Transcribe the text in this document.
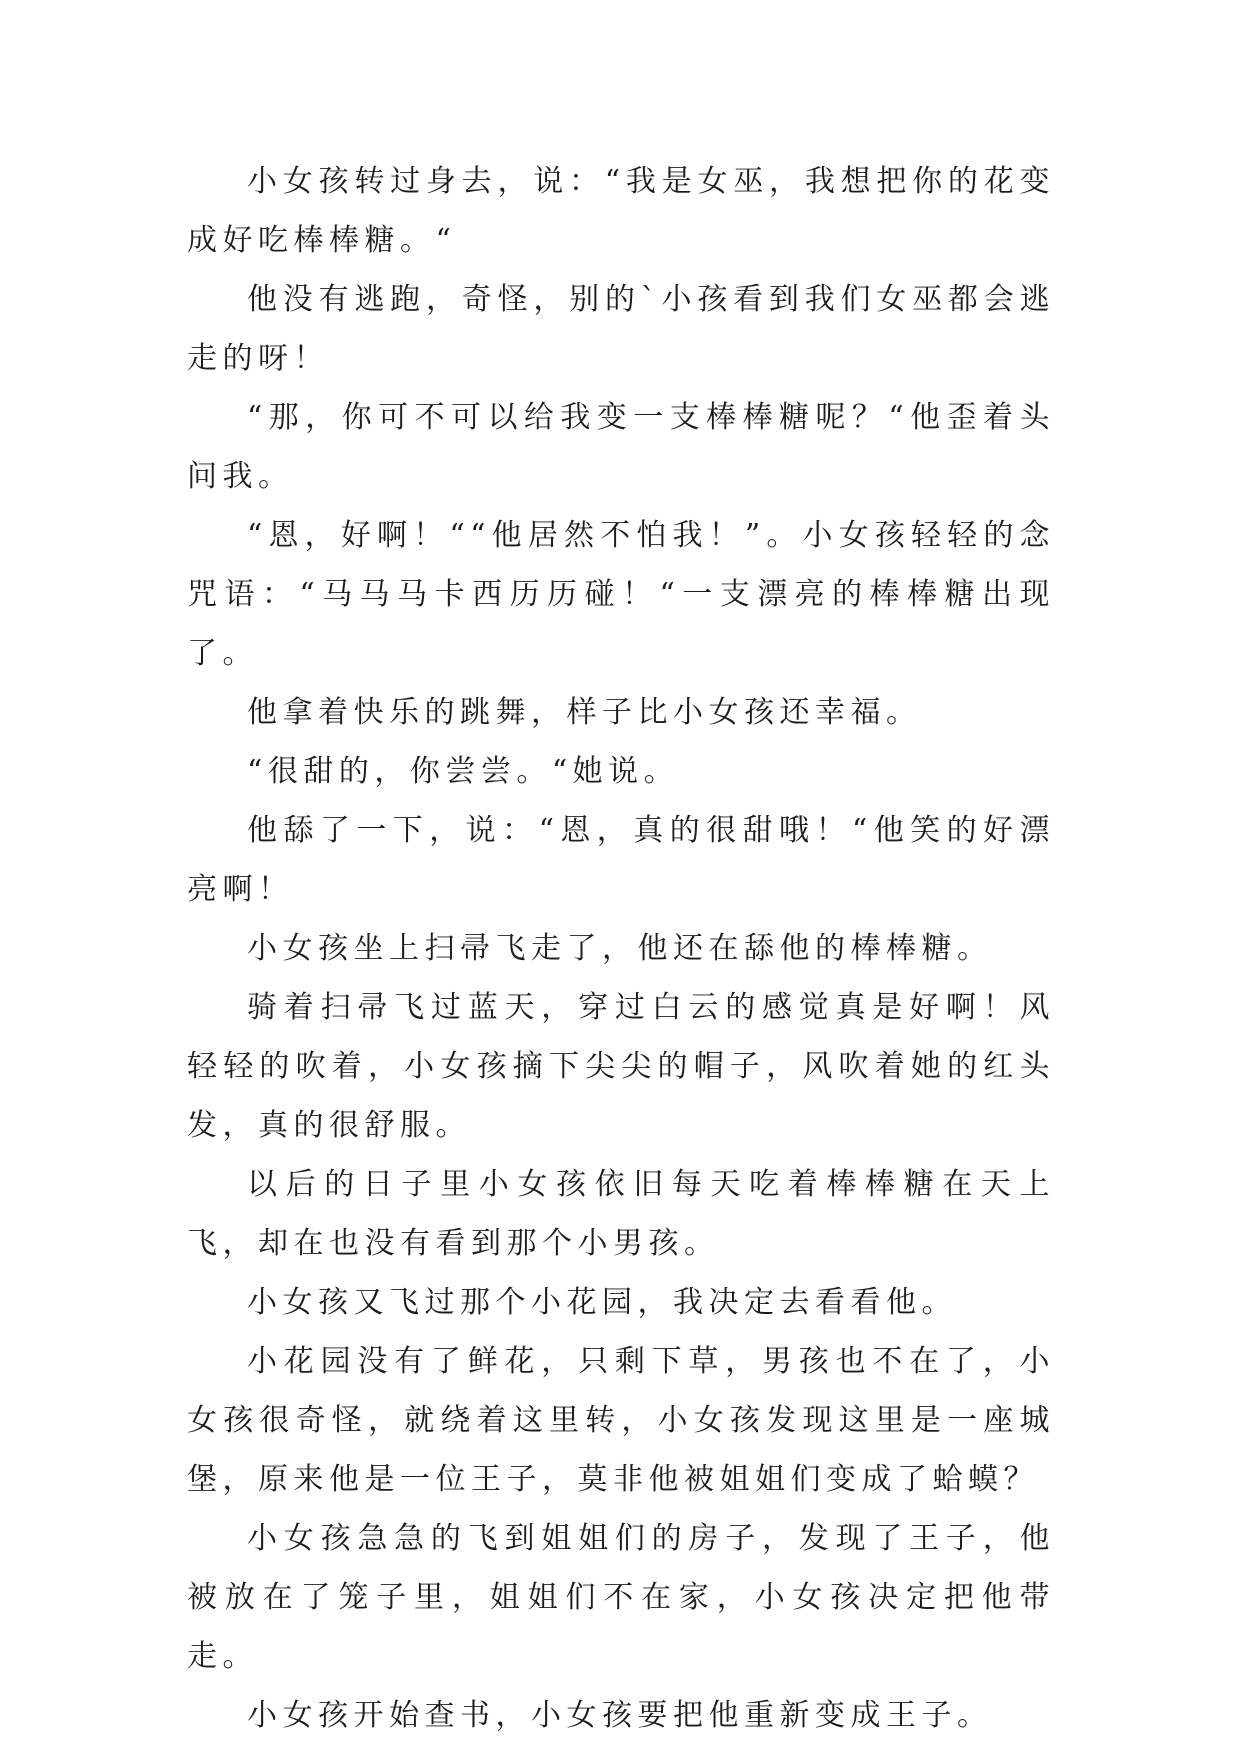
小女孩转过身去，说：“我是女巫，我想把你的花变成好吃棒棒糖。“

他没有逃跑，奇怪，别的`小孩看到我们女巫都会逃走的呀！

“那，你可不可以给我变一支棒棒糖呢？“他歪着头问我。

“恩，好啊！““他居然不怕我！”。小女孩轻轻的念咒语：“马马马卡西历历碰！“一支漂亮的棒棒糖出现了。

他拿着快乐的跳舞，样子比小女孩还幸福。

“很甜的，你尝尝。“她说。

他舔了一下，说：“恩，真的很甜哦！“他笑的好漂亮啊！

小女孩坐上扫帚飞走了，他还在舔他的棒棒糖。

骑着扫帚飞过蓝天，穿过白云的感觉真是好啊！风轻轻的吹着，小女孩摘下尖尖的帽子，风吹着她的红头发，真的很舒服。

以后的日子里小女孩依旧每天吃着棒棒糖在天上飞，却在也没有看到那个小男孩。

小女孩又飞过那个小花园，我决定去看看他。

小花园没有了鲜花，只剩下草，男孩也不在了，小女孩很奇怪，就绕着这里转，小女孩发现这里是一座城堡，原来他是一位王子，莫非他被姐姐们变成了蛤蟆？

小女孩急急的飞到姐姐们的房子，发现了王子，他被放在了笼子里，姐姐们不在家，小女孩决定把他带走。

小女孩开始查书，小女孩要把他重新变成王子。
